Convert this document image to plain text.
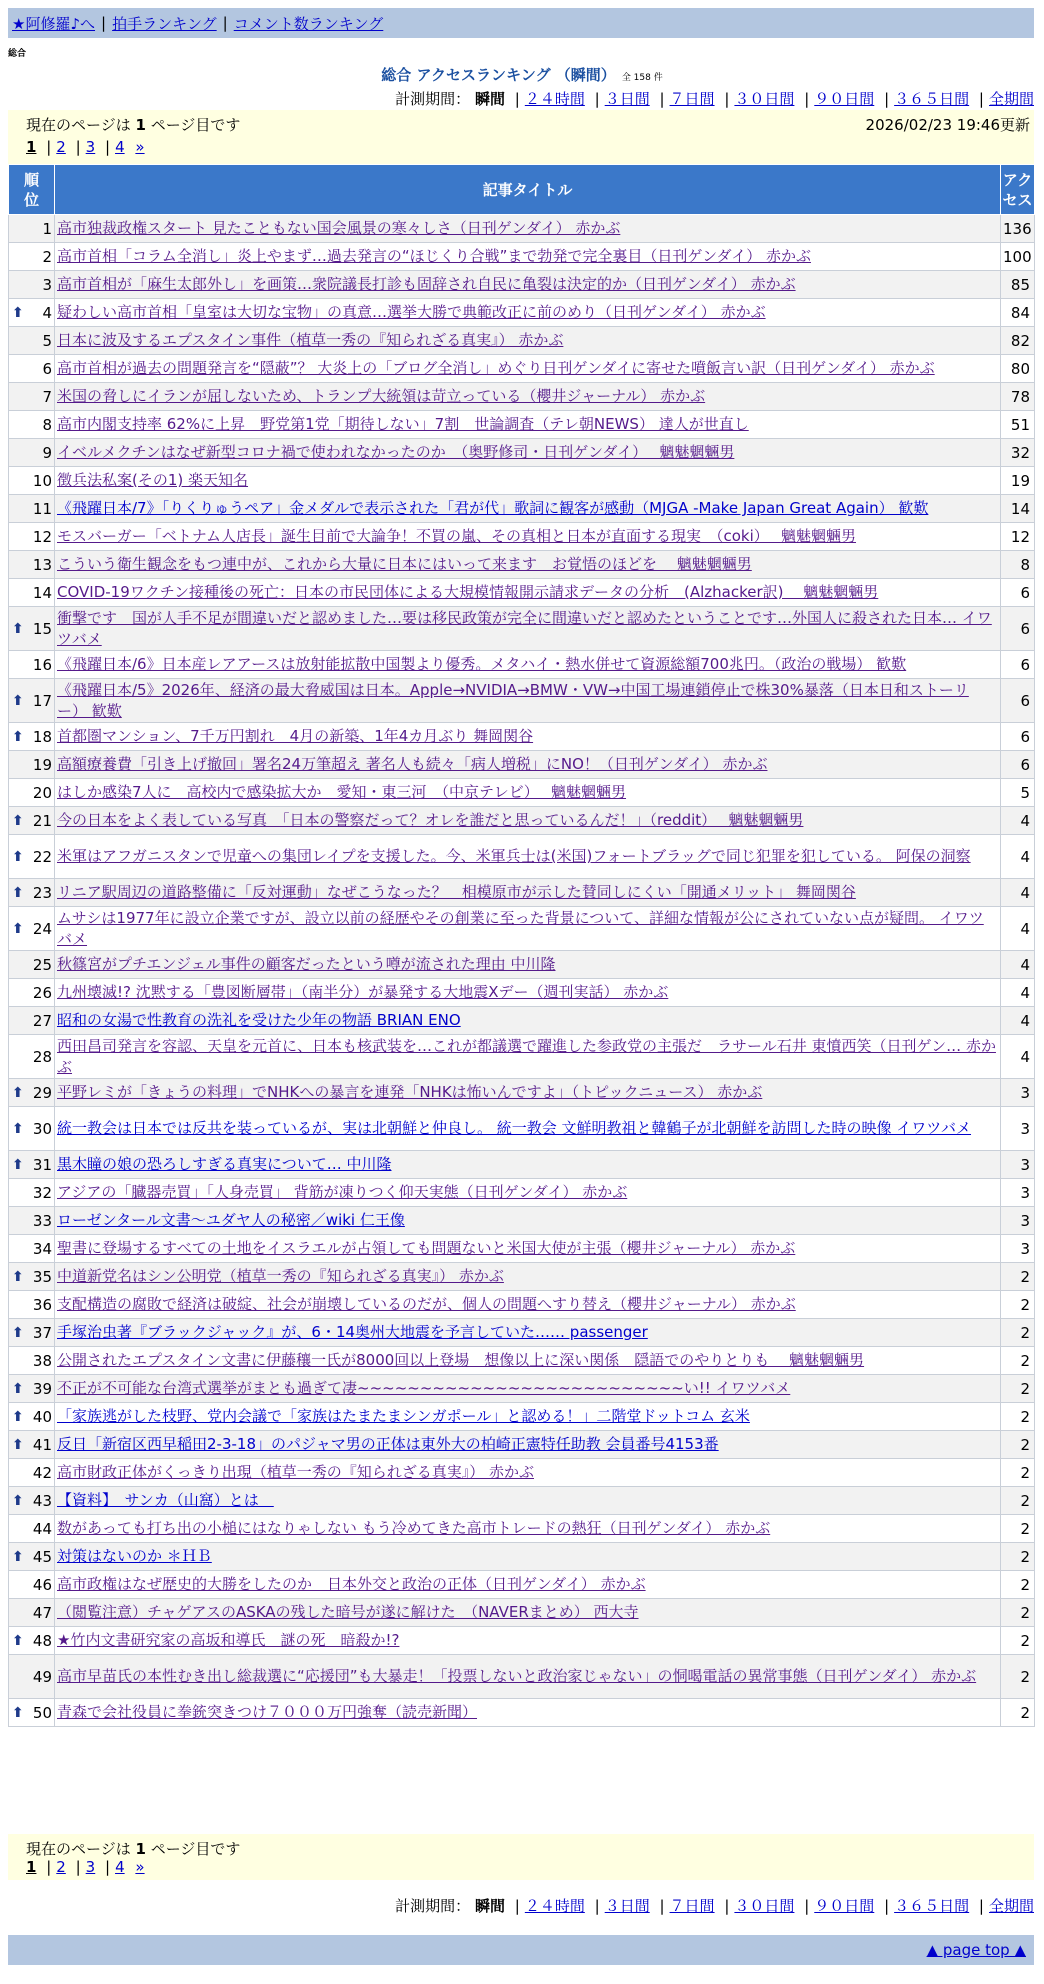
★阿修羅♪へ | 拍手ランキング | コメント数ランキング
総合
総合 アクセスランキング （瞬間） 全 158 件
計測期間： 瞬間 | ２４時間 | ３日間 | ７日間 | ３０日間 | ９０日間 | ３６５日間 | 全期間
現在のページは 1 ページ目です	2026/02/23 19:46更新
1 | 2 | 3 | 4 »
順位	記事タイトル	アクセス
1	高市独裁政権スタート 見たこともない国会風景の寒々しさ（日刊ゲンダイ） 赤かぶ	136
2	高市首相「コラム全消し」炎上やまず…過去発言の“ほじくり合戦”まで勃発で完全裏目（日刊ゲンダイ） 赤かぶ	100
3	高市首相が「麻生太郎外し」を画策…衆院議長打診も固辞され自民に亀裂は決定的か（日刊ゲンダイ） 赤かぶ	85

⬆ 4	疑わしい高市首相「皇室は大切な宝物」の真意…選挙大勝で典範改正に前のめり（日刊ゲンダイ） 赤かぶ	84
5	日本に波及するエプスタイン事件（植草一秀の『知られざる真実』） 赤かぶ	82
6	高市首相が過去の問題発言を“隠蔽”？ 大炎上の「ブログ全消し」めぐり日刊ゲンダイに寄せた噴飯言い訳（日刊ゲンダイ） 赤かぶ	80
7	米国の脅しにイランが屈しないため、トランプ大統領は苛立っている（櫻井ジャーナル） 赤かぶ	78
8	高市内閣支持率 62%に上昇　野党第1党「期待しない」7割　世論調査（テレ朝NEWS） 達人が世直し	51
9	イベルメクチンはなぜ新型コロナ禍で使われなかったのか　（奥野修司・日刊ゲンダイ）　 魑魅魍魎男	32
10	徴兵法私案(その1) 楽天知名	19
11	《飛躍日本/7》「りくりゅうペア」金メダルで表示された「君が代」歌詞に観客が感動（MJGA -Make Japan Great Again） 歓歎	14
12	モスバーガー「ベトナム人店長」誕生目前で大論争！不買の嵐、その真相と日本が直面する現実　（coki）　 魑魅魍魎男	12
13	こういう衛生観念をもつ連中が、これから大量に日本にはいって来ます　お覚悟のほどを　 魑魅魍魎男	8
14	COVID-19ワクチン接種後の死亡：日本の市民団体による大規模情報開示請求データの分析　(Alzhacker訳)　 魑魅魍魎男	6

⬆ 15	衝撃です　国が人手不足が間違いだと認めました…要は移民政策が完全に間違いだと認めたということです…外国人に殺された日本… イワツバメ	6
16	《飛躍日本/6》日本産レアアースは放射能拡散中国製より優秀。メタハイ・熱水併せて資源総額700兆円。（政治の戦場） 歓歎	6

⬆ 17	《飛躍日本/5》2026年、経済の最大脅威国は日本。Apple→NVIDIA→BMW・VW→中国工場連鎖停止で株30%暴落（日本日和ストーリー） 歓歎	6

⬆ 18	首都圏マンション、7千万円割れ　4月の新築、1年4カ月ぶり 舞岡関谷	6
19	高額療養費「引き上げ撤回」署名24万筆超え 著名人も続々「病人増税」にNO！（日刊ゲンダイ） 赤かぶ	6
20	はしか感染7人に　高校内で感染拡大か　愛知・東三河　（中京テレビ）　 魑魅魍魎男	5

⬆ 21	今の日本をよく表している写真　「日本の警察だって？オレを誰だと思っているんだ！」（reddit）　 魑魅魍魎男	4

⬆ 22	米軍はアフガニスタンで児童への集団レイプを支援した。今、米軍兵士は(米国)フォートブラッグで同じ犯罪を犯している。 阿保の洞察	4

⬆ 23	リニア駅周辺の道路整備に「反対運動」なぜこうなった？　相模原市が示した賛同しにくい「開通メリット」 舞岡関谷	4

⬆ 24	ムサシは1977年に設立企業ですが、設立以前の経歴やその創業に至った背景について、詳細な情報が公にされていない点が疑問。 イワツバメ	4
25	秋篠宮がプチエンジェル事件の顧客だったという噂が流された理由 中川隆	4
26	九州壊滅!? 沈黙する「豊図断層帯」（南半分）が暴発する大地震Xデー（週刊実話） 赤かぶ	4
27	昭和の女湯で性教育の洗礼を受けた少年の物語 BRIAN ENO	4
28	西田昌司発言を容認、天皇を元首に、日本も核武装を…これが都議選で躍進した参政党の主張だ　ラサール石井 東憤西笑（日刊ゲン… 赤かぶ	4

⬆ 29	平野レミが「きょうの料理」でNHKへの暴言を連発「NHKは怖いんですよ」（トピックニュース） 赤かぶ	3

⬆ 30	統一教会は日本では反共を装っているが、実は北朝鮮と仲良し。 統一教会 文鮮明教祖と韓鶴子が北朝鮮を訪問した時の映像 イワツバメ	3

⬆ 31	黒木瞳の娘の恐ろしすぎる真実について… 中川隆	3
32	アジアの「臓器売買」「人身売買」 背筋が凍りつく仰天実態（日刊ゲンダイ） 赤かぶ	3
33	ローゼンタール文書～ユダヤ人の秘密／wiki 仁王像	3
34	聖書に登場するすべての土地をイスラエルが占領しても問題ないと米国大使が主張（櫻井ジャーナル） 赤かぶ	3

⬆ 35	中道新党名はシン公明党（植草一秀の『知られざる真実』） 赤かぶ	2
36	支配構造の腐敗で経済は破綻、社会が崩壊しているのだが、個人の問題へすり替え（櫻井ジャーナル） 赤かぶ	2

⬆ 37	手塚治虫著『ブラックジャック』が、6・14奥州大地震を予言していた…… passenger	2
38	公開されたエプスタイン文書に伊藤穰一氏が8000回以上登場　想像以上に深い関係　隠語でのやりとりも　 魑魅魍魎男	2

⬆ 39	不正が不可能な台湾式選挙がまとも過ぎて凄~~~~~~~~~~~~~~~~~~~~~~~~~~い!! イワツバメ	2

⬆ 40	「家族逃がした枝野、党内会議で「家族はたまたまシンガポール」と認める！」二階堂ドットコム 玄米	2

⬆ 41	反日「新宿区西早稲田2-3-18」のパジャマ男の正体は東外大の柏崎正憲特任助教 会員番号4153番	2
42	高市財政正体がくっきり出現（植草一秀の『知られざる真実』） 赤かぶ	2

⬆ 43	【資料】　サンカ（山窩）とは　	2
44	数があっても打ち出の小槌にはなりゃしない もう冷めてきた高市トレードの熱狂（日刊ゲンダイ） 赤かぶ	2

⬆ 45	対策はないのか ＊ＨＢ	2
46	高市政権はなぜ歴史的大勝をしたのか　日本外交と政治の正体（日刊ゲンダイ） 赤かぶ	2
47	（閲覧注意）チャゲアスのASKAの残した暗号が遂に解けた　（NAVERまとめ） 西大寺	2

⬆ 48	★竹内文書研究家の高坂和導氏　謎の死　暗殺か!?	2
49	高市早苗氏の本性むき出し総裁選に“応援団”も大暴走！「投票しないと政治家じゃない」の恫喝電話の異常事態（日刊ゲンダイ） 赤かぶ	2

⬆ 50	青森で会社役員に拳銃突きつけ７０００万円強奪（読売新聞）	2
現在のページは 1 ページ目です
1 | 2 | 3 | 4 »
計測期間： 瞬間 | ２４時間 | ３日間 | ７日間 | ３０日間 | ９０日間 | ３６５日間 | 全期間
▲ page top ▲
